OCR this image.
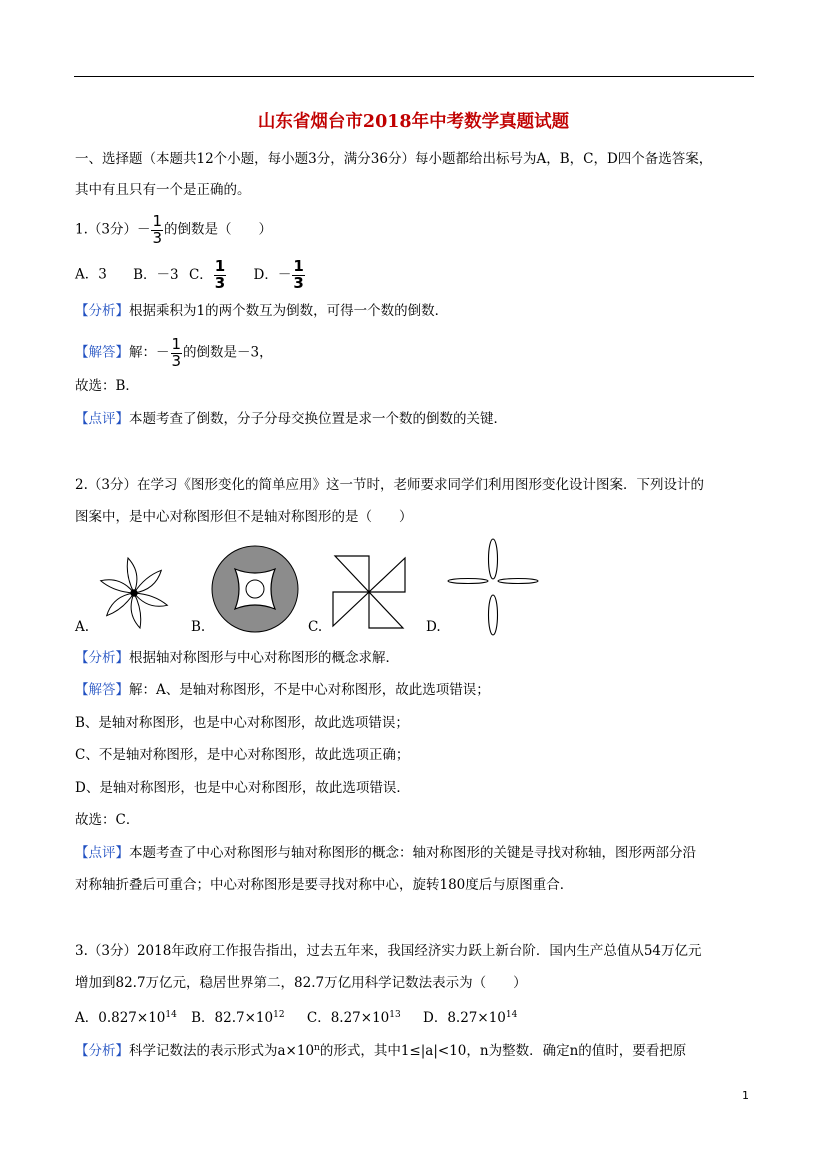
山东省烟台市2018年中考数学真题试题
一、选择题（本题共12个小题，每小题3分，满分36分）每小题都给出标号为A，B，C，D四个备选答案，
其中有且只有一个是正确的。
1.（3分）－ $\frac{1}{3}$ 的倒数是（　　）
A．3 B．－3 C． $\frac{1}{3}$ D．－ $\frac{1}{3}$
【分析】根据乘积为1的两个数互为倒数，可得一个数的倒数．
【解答】解：－ $\frac{1}{3}$ 的倒数是－3，
故选：B．
【点评】本题考查了倒数，分子分母交换位置是求一个数的倒数的关键．
2.（3分）在学习《图形变化的简单应用》这一节时，老师要求同学们利用图形变化设计图案．下列设计的
图案中，是中心对称图形但不是轴对称图形的是（　　）
A.	B.	C.	D.
【分析】根据轴对称图形与中心对称图形的概念求解．
【解答】解：A、是轴对称图形，不是中心对称图形，故此选项错误；
B、是轴对称图形，也是中心对称图形，故此选项错误；
C、不是轴对称图形，是中心对称图形，故此选项正确；
D、是轴对称图形，也是中心对称图形，故此选项错误．
故选：C．
【点评】本题考查了中心对称图形与轴对称图形的概念：轴对称图形的关键是寻找对称轴，图形两部分沿
对称轴折叠后可重合；中心对称图形是要寻找对称中心，旋转180度后与原图重合．
3.（3分）2018年政府工作报告指出，过去五年来，我国经济实力跃上新台阶．国内生产总值从54万亿元
增加到82.7万亿元，稳居世界第二，82.7万亿用科学记数法表示为（　　）
A．$0.827\times 10^{14}$ B．$82.7\times 10^{12}$ C．$8.27\times 10^{13}$ D．$8.27\times 10^{14}$
【分析】科学记数法的表示形式为$a\times 10^n$的形式，其中1≤|a|<10，n为整数．确定n的值时，要看把原
1
